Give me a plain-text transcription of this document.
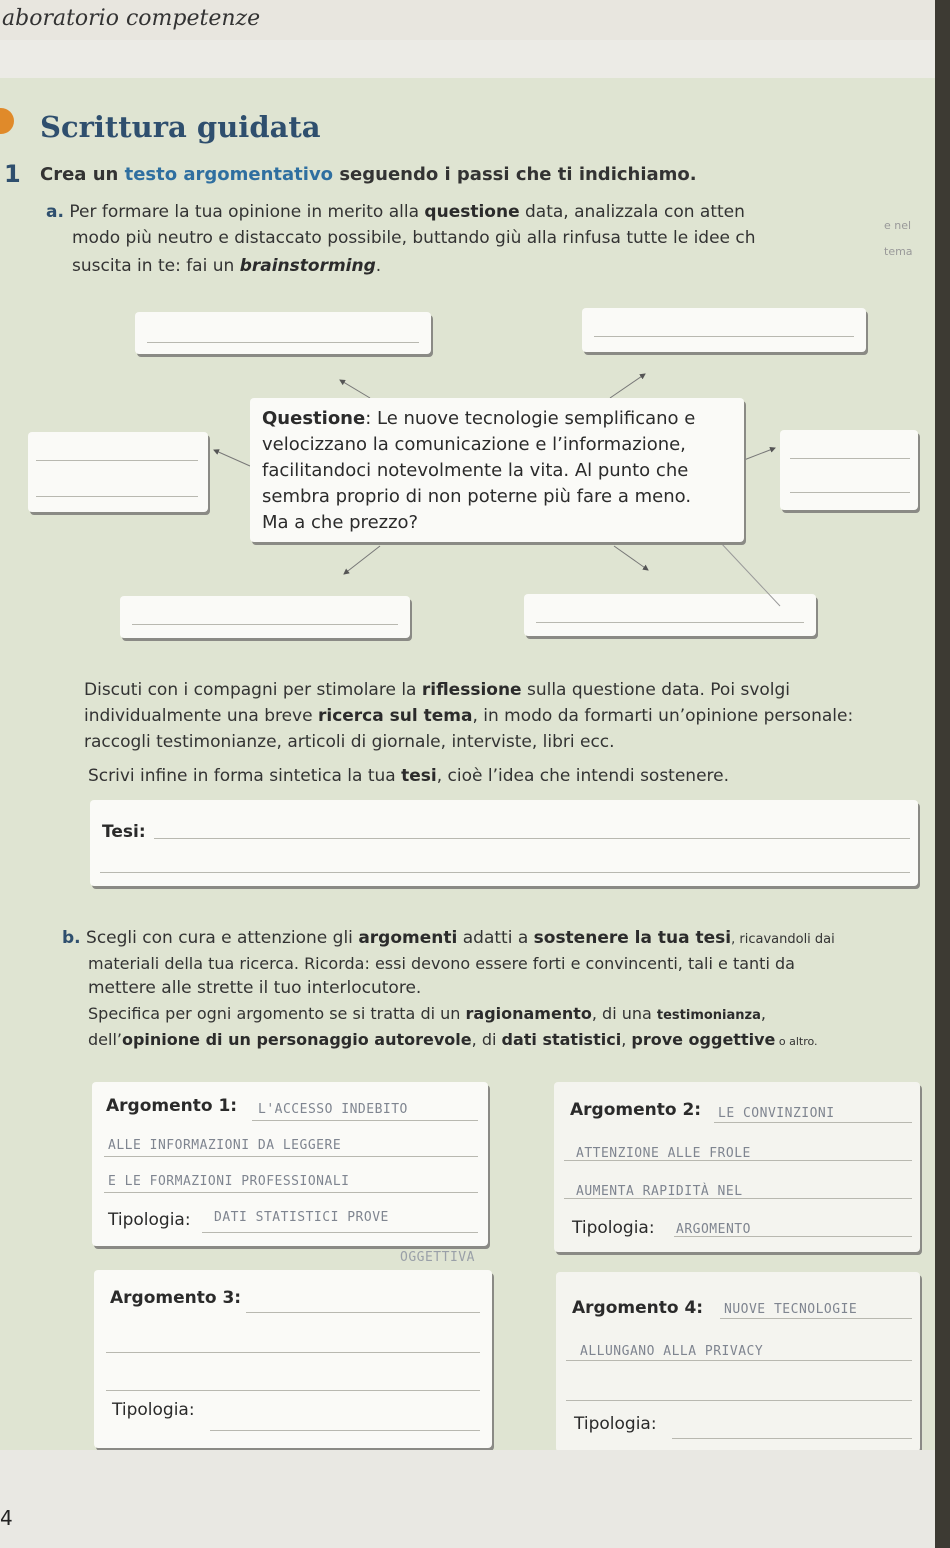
aboratorio competenze
Scrittura guidata
1 Crea un testo argomentativo seguendo i passi che ti indichiamo.
a. Per formare la tua opinione in merito alla questione data, analizzala con atten
modo più neutro e distaccato possibile, buttando giù alla rinfusa tutte le idee ch
suscita in te: fai un brainstorming.
e nel
tema
Questione: Le nuove tecnologie semplificano e
velocizzano la comunicazione e l’informazione,
facilitandoci notevolmente la vita. Al punto che
sembra proprio di non poterne più fare a meno.
Ma a che prezzo?
Discuti con i compagni per stimolare la riflessione sulla questione data. Poi svolgi
individualmente una breve ricerca sul tema, in modo da formarti un’opinione personale:
raccogli testimonianze, articoli di giornale, interviste, libri ecc.
Scrivi infine in forma sintetica la tua tesi, cioè l’idea che intendi sostenere.
Tesi:
b. Scegli con cura e attenzione gli argomenti adatti a sostenere la tua tesi, ricavandoli dai
materiali della tua ricerca. Ricorda: essi devono essere forti e convincenti, tali e tanti da
mettere alle strette il tuo interlocutore.
Specifica per ogni argomento se si tratta di un ragionamento, di una testimonianza,
dell’opinione di un personaggio autorevole, di dati statistici, prove oggettive o altro.
Argomento 1:
Tipologia:
L'ACCESSO INDEBITO
ALLE INFORMAZIONI DA LEGGERE
E LE FORMAZIONI PROFESSIONALI
DATI STATISTICI PROVE
OGGETTIVA
Argomento 2:
Tipologia:
LE CONVINZIONI
ATTENZIONE ALLE FROLE
AUMENTA RAPIDITÀ NEL
ARGOMENTO
Argomento 3:
Tipologia:
Argomento 4:
Tipologia:
NUOVE TECNOLOGIE
ALLUNGANO ALLA PRIVACY
4
